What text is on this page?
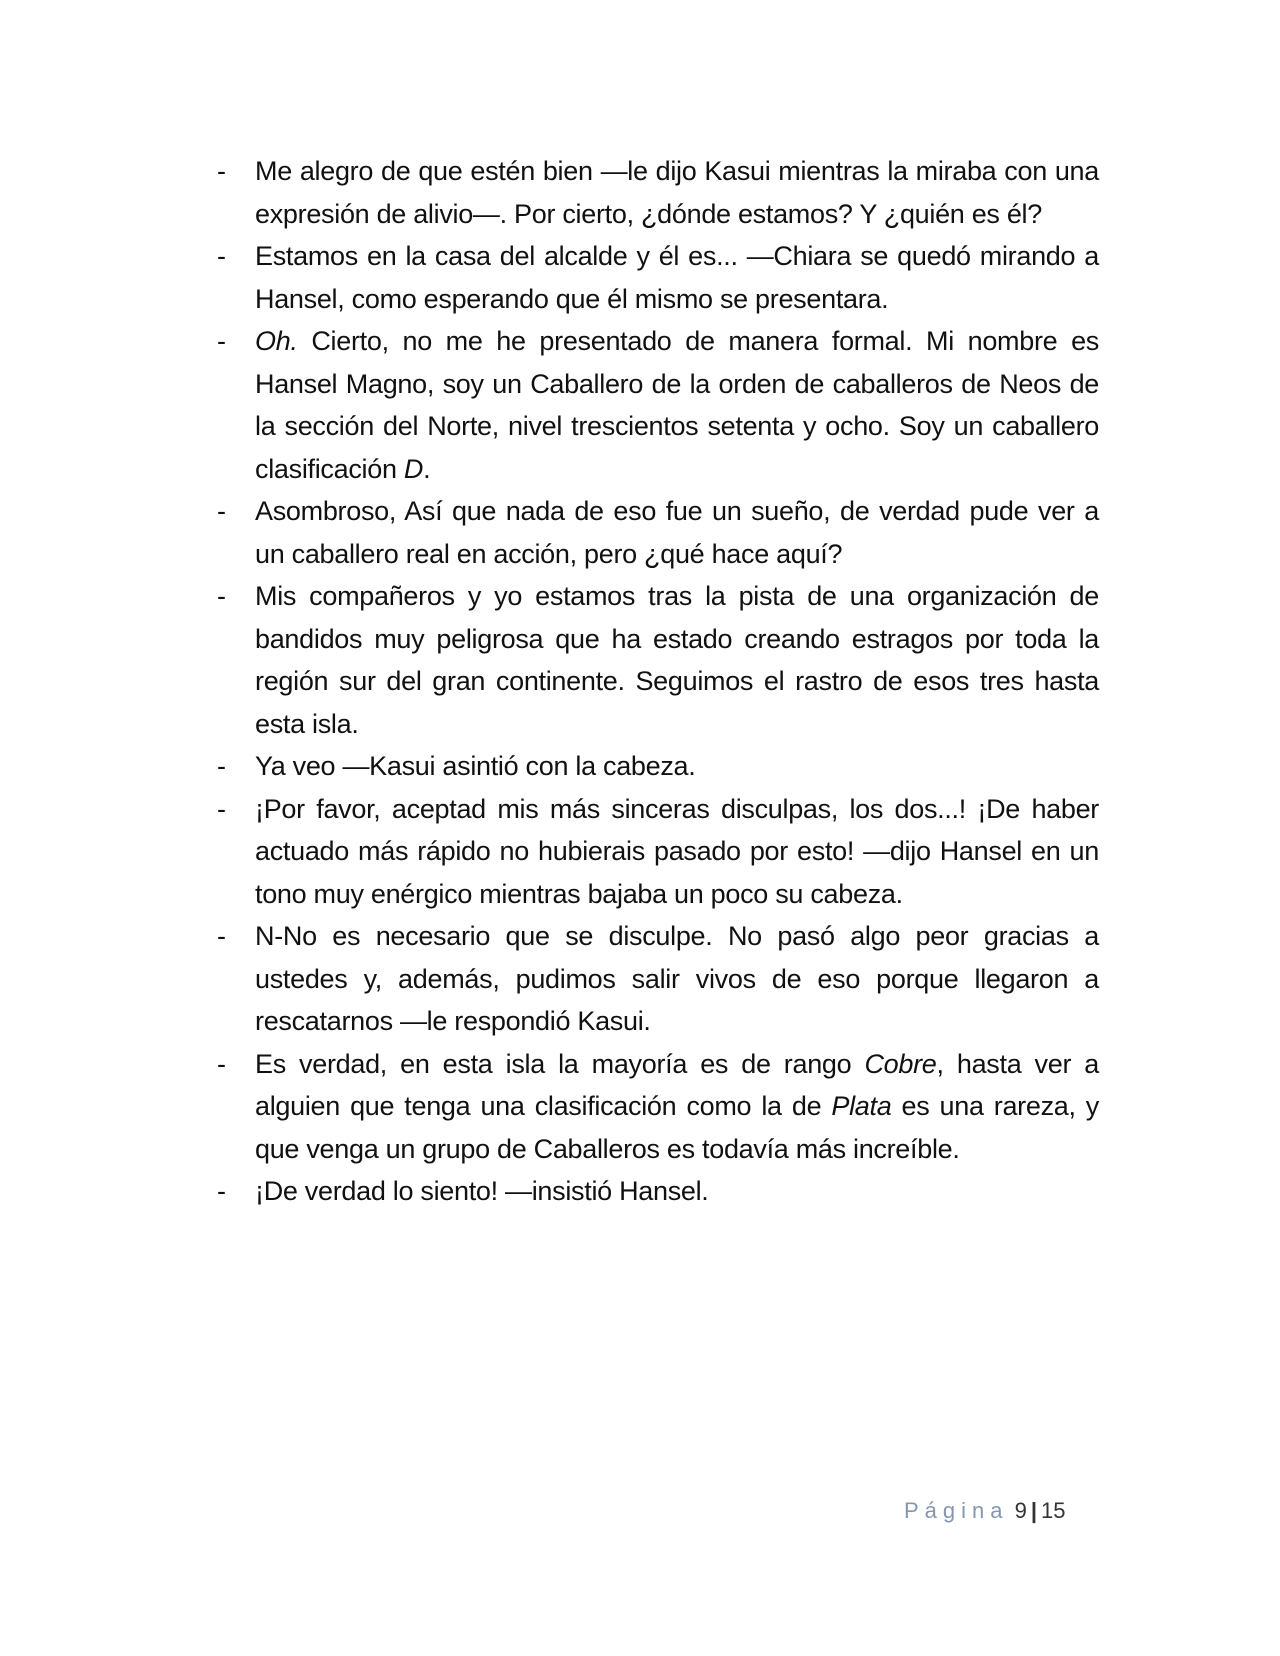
- Me alegro de que estén bien —le dijo Kasui mientras la miraba con una expresión de alivio—. Por cierto, ¿dónde estamos? Y ¿quién es él?

- Estamos en la casa del alcalde y él es... —Chiara se quedó mirando a Hansel, como esperando que él mismo se presentara.

- Oh. Cierto, no me he presentado de manera formal. Mi nombre es Hansel Magno, soy un Caballero de la orden de caballeros de Neos de la sección del Norte, nivel trescientos setenta y ocho. Soy un caballero clasificación D.

- Asombroso, Así que nada de eso fue un sueño, de verdad pude ver a un caballero real en acción, pero ¿qué hace aquí?

- Mis compañeros y yo estamos tras la pista de una organización de bandidos muy peligrosa que ha estado creando estragos por toda la región sur del gran continente. Seguimos el rastro de esos tres hasta esta isla.

- Ya veo —Kasui asintió con la cabeza.

- ¡Por favor, aceptad mis más sinceras disculpas, los dos...! ¡De haber actuado más rápido no hubierais pasado por esto! —dijo Hansel en un tono muy enérgico mientras bajaba un poco su cabeza.

- N-No es necesario que se disculpe. No pasó algo peor gracias a ustedes y, además, pudimos salir vivos de eso porque llegaron a rescatarnos —le respondió Kasui.

- Es verdad, en esta isla la mayoría es de rango Cobre, hasta ver a alguien que tenga una clasificación como la de Plata es una rareza, y que venga un grupo de Caballeros es todavía más increíble.

- ¡De verdad lo siento! —insistió Hansel.

Página 9 | 15
